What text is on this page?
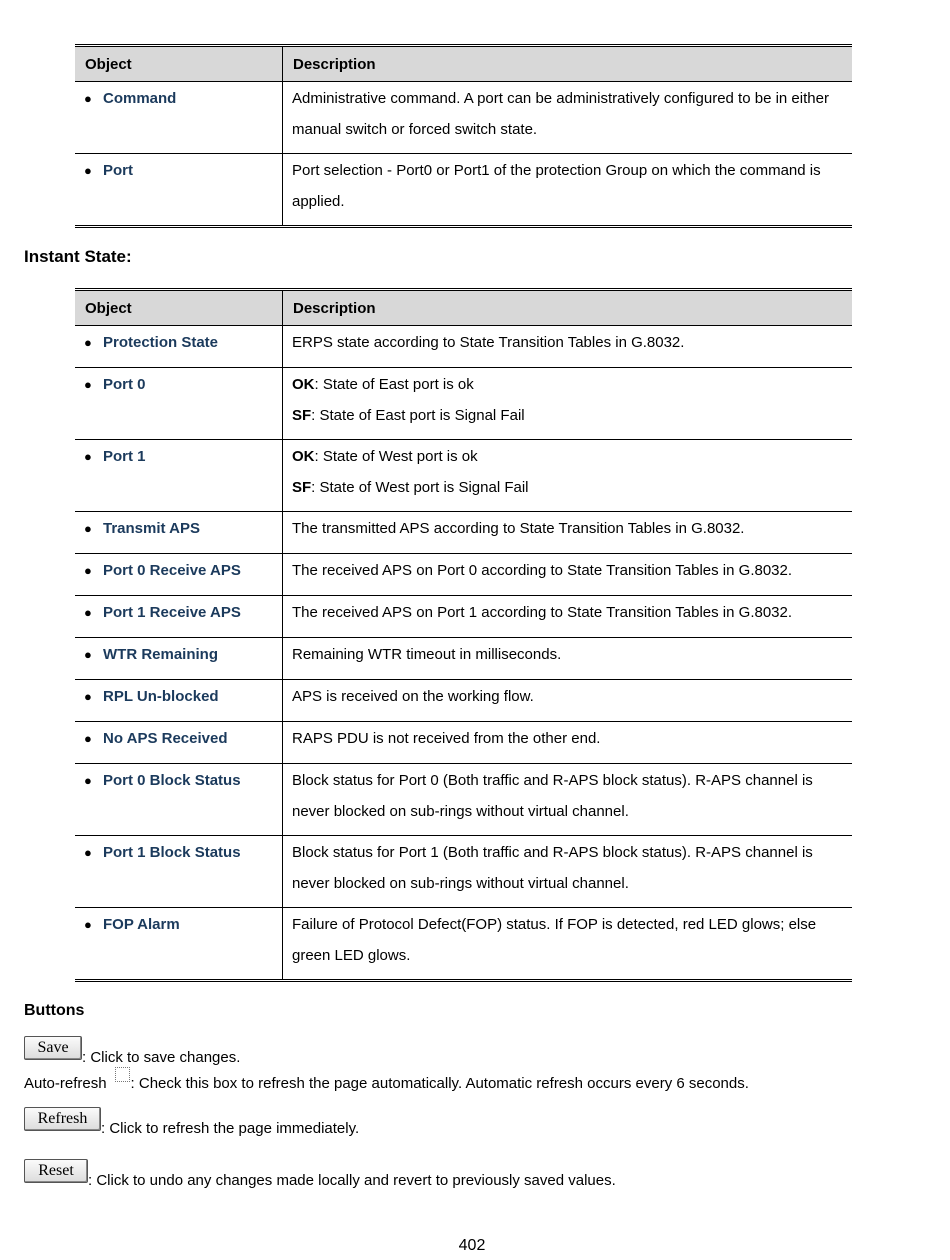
Object	Description
● Command	Administrative command. A port can be administratively configured to be in either manual switch or forced switch state.
● Port	Port selection - Port0 or Port1 of the protection Group on which the command is applied.
Instant State:
Object	Description
● Protection State	ERPS state according to State Transition Tables in G.8032.
● Port 0	OK: State of East port is ok
SF: State of East port is Signal Fail

● Port 1	OK: State of West port is ok
SF: State of West port is Signal Fail

● Transmit APS	The transmitted APS according to State Transition Tables in G.8032.
● Port 0 Receive APS	The received APS on Port 0 according to State Transition Tables in G.8032.
● Port 1 Receive APS	The received APS on Port 1 according to State Transition Tables in G.8032.
● WTR Remaining	Remaining WTR timeout in milliseconds.
● RPL Un-blocked	APS is received on the working flow.
● No APS Received	RAPS PDU is not received from the other end.
● Port 0 Block Status	Block status for Port 0 (Both traffic and R-APS block status). R-APS channel is never blocked on sub-rings without virtual channel.
● Port 1 Block Status	Block status for Port 1 (Both traffic and R-APS block status). R-APS channel is never blocked on sub-rings without virtual channel.
● FOP Alarm	Failure of Protocol Defect(FOP) status. If FOP is detected, red LED glows; else green LED glows.
Buttons
Save: Click to save changes.
Auto-refresh : Check this box to refresh the page automatically. Automatic refresh occurs every 6 seconds.
Refresh: Click to refresh the page immediately.
Reset: Click to undo any changes made locally and revert to previously saved values.
402
